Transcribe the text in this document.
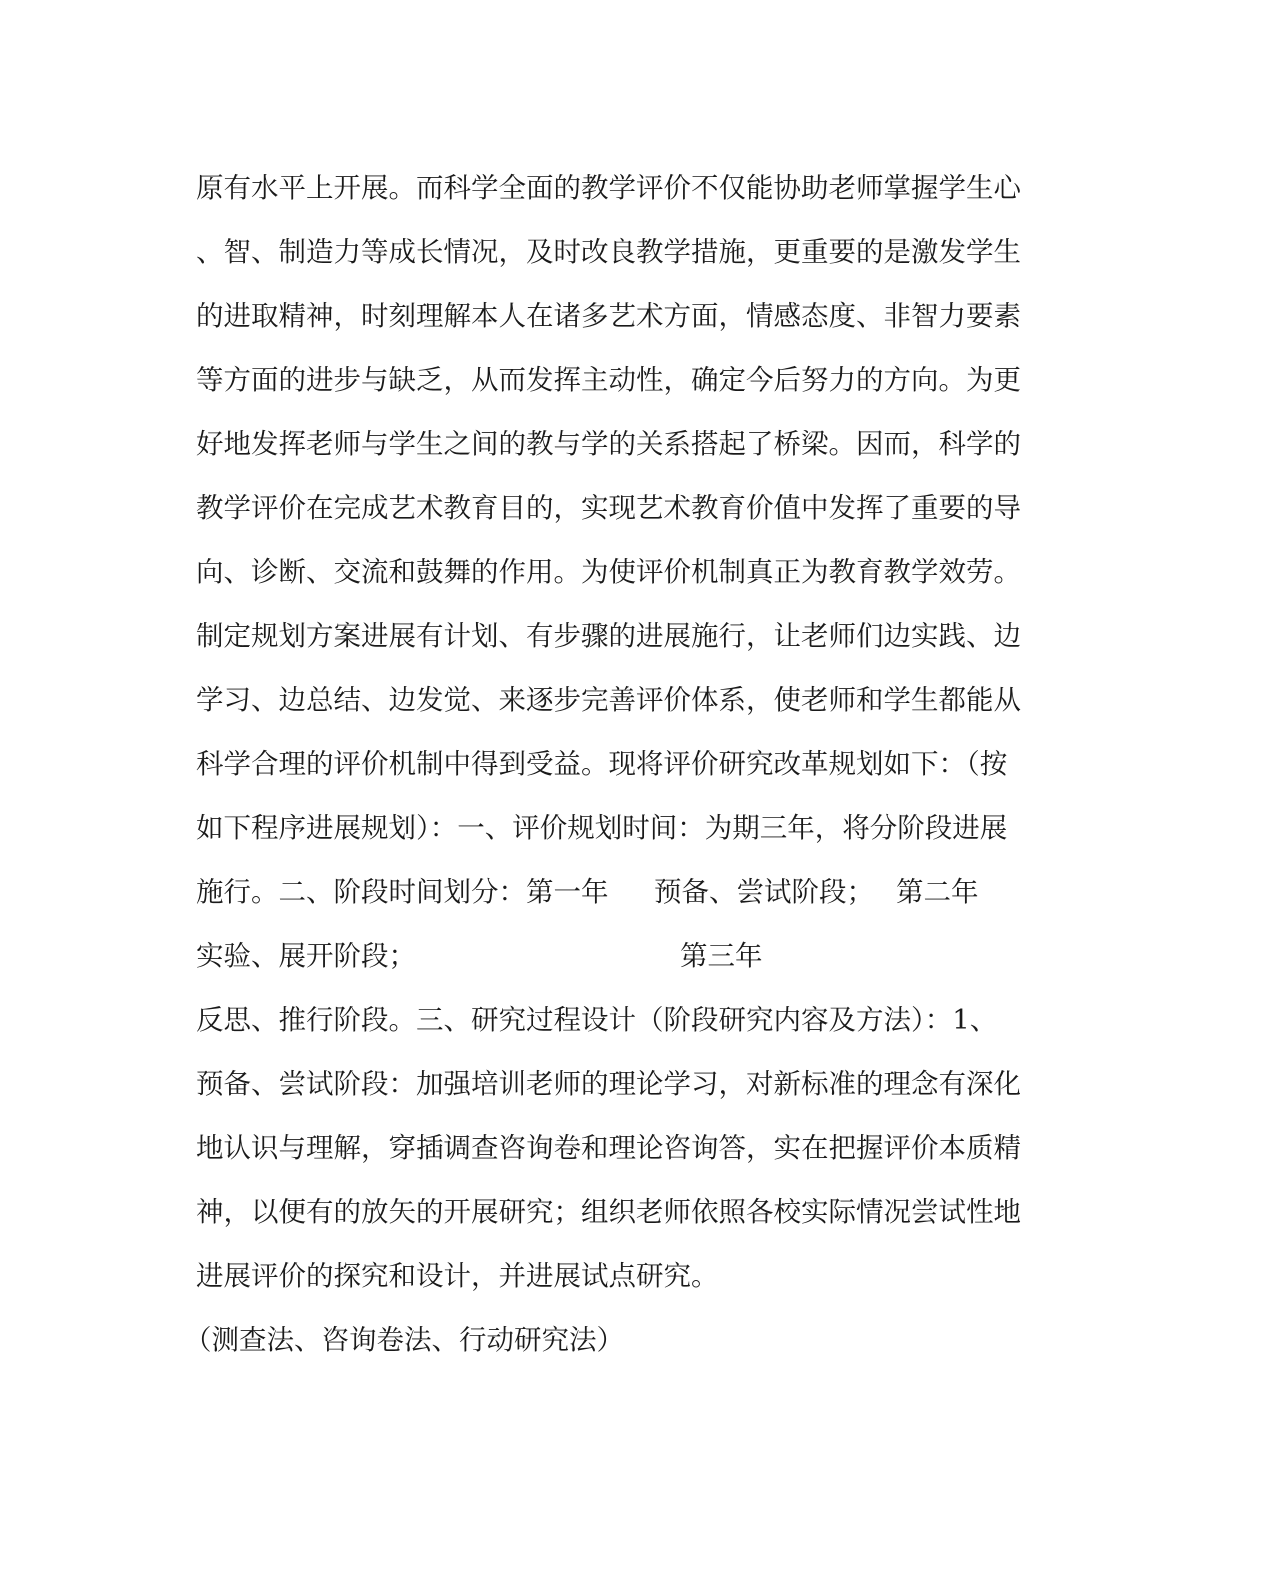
原有水平上开展。而科学全面的教学评价不仅能协助老师掌握学生心
、智、制造力等成长情况，及时改良教学措施，更重要的是激发学生
的进取精神，时刻理解本人在诸多艺术方面，情感态度、非智力要素
等方面的进步与缺乏，从而发挥主动性，确定今后努力的方向。为更
好地发挥老师与学生之间的教与学的关系搭起了桥梁。因而，科学的
教学评价在完成艺术教育目的，实现艺术教育价值中发挥了重要的导
向、诊断、交流和鼓舞的作用。为使评价机制真正为教育教学效劳。
制定规划方案进展有计划、有步骤的进展施行，让老师们边实践、边
学习、边总结、边发觉、来逐步完善评价体系，使老师和学生都能从
科学合理的评价机制中得到受益。现将评价研究改革规划如下：（按
如下程序进展规划）：一、评价规划时间：为期三年，将分阶段进展
施行。二、阶段时间划分：第一年 预备、尝试阶段； 第二年
实验、展开阶段；	第三年
反思、推行阶段。三、研究过程设计（阶段研究内容及方法）：1、
预备、尝试阶段：加强培训老师的理论学习，对新标准的理念有深化
地认识与理解，穿插调查咨询卷和理论咨询答，实在把握评价本质精
神，以便有的放矢的开展研究；组织老师依照各校实际情况尝试性地
进展评价的探究和设计，并进展试点研究。
（测查法、咨询卷法、行动研究法）
